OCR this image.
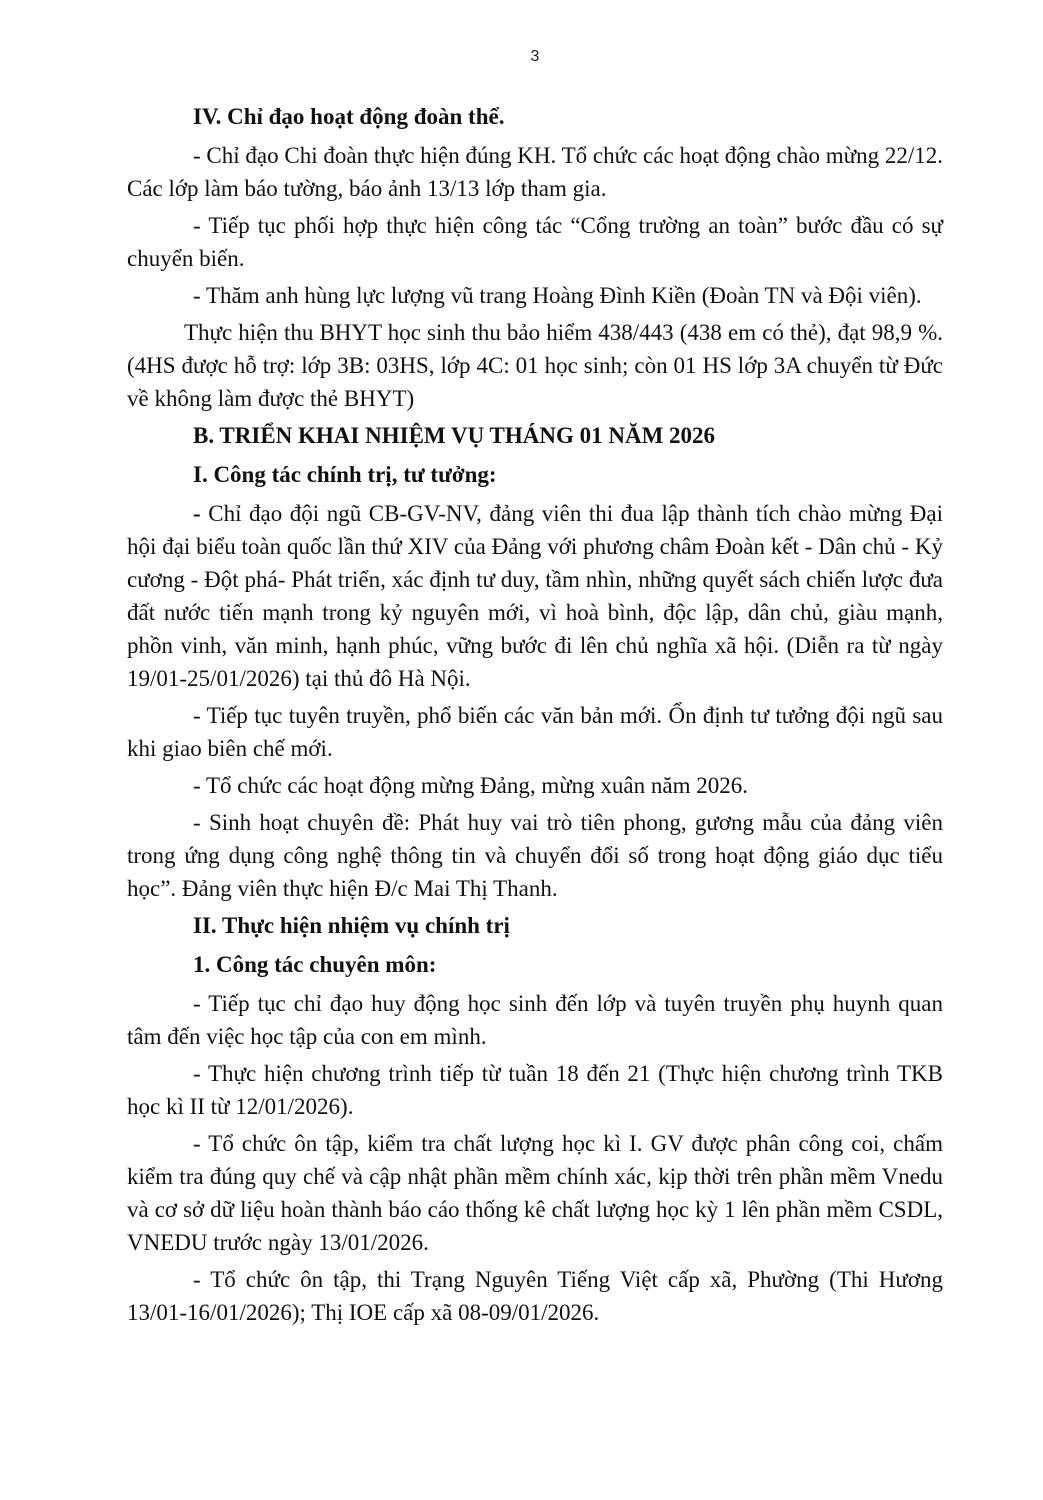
3

IV. Chỉ đạo hoạt động đoàn thể.

- Chỉ đạo Chi đoàn thực hiện đúng KH. Tổ chức các hoạt động chào mừng 22/12. Các lớp làm báo tường, báo ảnh 13/13 lớp tham gia.

- Tiếp tục phối hợp thực hiện công tác “Cổng trường an toàn” bước đầu có sự chuyển biến.

- Thăm anh hùng lực lượng vũ trang Hoàng Đình Kiền (Đoàn TN và Đội viên).

Thực hiện thu BHYT học sinh thu bảo hiểm 438/443 (438 em có thẻ), đạt 98,9 %.(4HS được hỗ trợ: lớp 3B: 03HS, lớp 4C: 01 học sinh; còn 01 HS lớp 3A chuyển từ Đức về không làm được thẻ BHYT)

B. TRIỂN KHAI NHIỆM VỤ THÁNG 01 NĂM 2026

I. Công tác chính trị, tư tưởng:

- Chỉ đạo đội ngũ CB-GV-NV, đảng viên thi đua lập thành tích chào mừng Đại hội đại biểu toàn quốc lần thứ XIV của Đảng với phương châm Đoàn kết - Dân chủ - Kỷ cương - Đột phá- Phát triển, xác định tư duy, tầm nhìn, những quyết sách chiến lược đưa đất nước tiến mạnh trong kỷ nguyên mới, vì hoà bình, độc lập, dân chủ, giàu mạnh, phồn vinh, văn minh, hạnh phúc, vững bước đi lên chủ nghĩa xã hội. (Diễn ra từ ngày 19/01-25/01/2026) tại thủ đô Hà Nội.

- Tiếp tục tuyên truyền, phổ biến các văn bản mới. Ổn định tư tưởng đội ngũ sau khi giao biên chế mới.

- Tổ chức các hoạt động mừng Đảng, mừng xuân năm 2026.

- Sinh hoạt chuyên đề: Phát huy vai trò tiên phong, gương mẫu của đảng viên trong ứng dụng công nghệ thông tin và chuyển đổi số trong hoạt động giáo dục tiểu học”. Đảng viên thực hiện Đ/c Mai Thị Thanh.

II. Thực hiện nhiệm vụ chính trị

1. Công tác chuyên môn:

- Tiếp tục chỉ đạo huy động học sinh đến lớp và tuyên truyền phụ huynh quan tâm đến việc học tập của con em mình.

- Thực hiện chương trình tiếp từ tuần 18 đến 21 (Thực hiện chương trình TKB học kì II từ 12/01/2026).

- Tổ chức ôn tập, kiểm tra chất lượng học kì I. GV được phân công coi, chấm kiểm tra đúng quy chế và cập nhật phần mềm chính xác, kịp thời trên phần mềm Vnedu và cơ sở dữ liệu hoàn thành báo cáo thống kê chất lượng học kỳ 1 lên phần mềm CSDL, VNEDU trước ngày 13/01/2026.

- Tổ chức ôn tập, thi Trạng Nguyên Tiếng Việt cấp xã, Phường (Thi Hương 13/01-16/01/2026); Thị IOE cấp xã 08-09/01/2026.
